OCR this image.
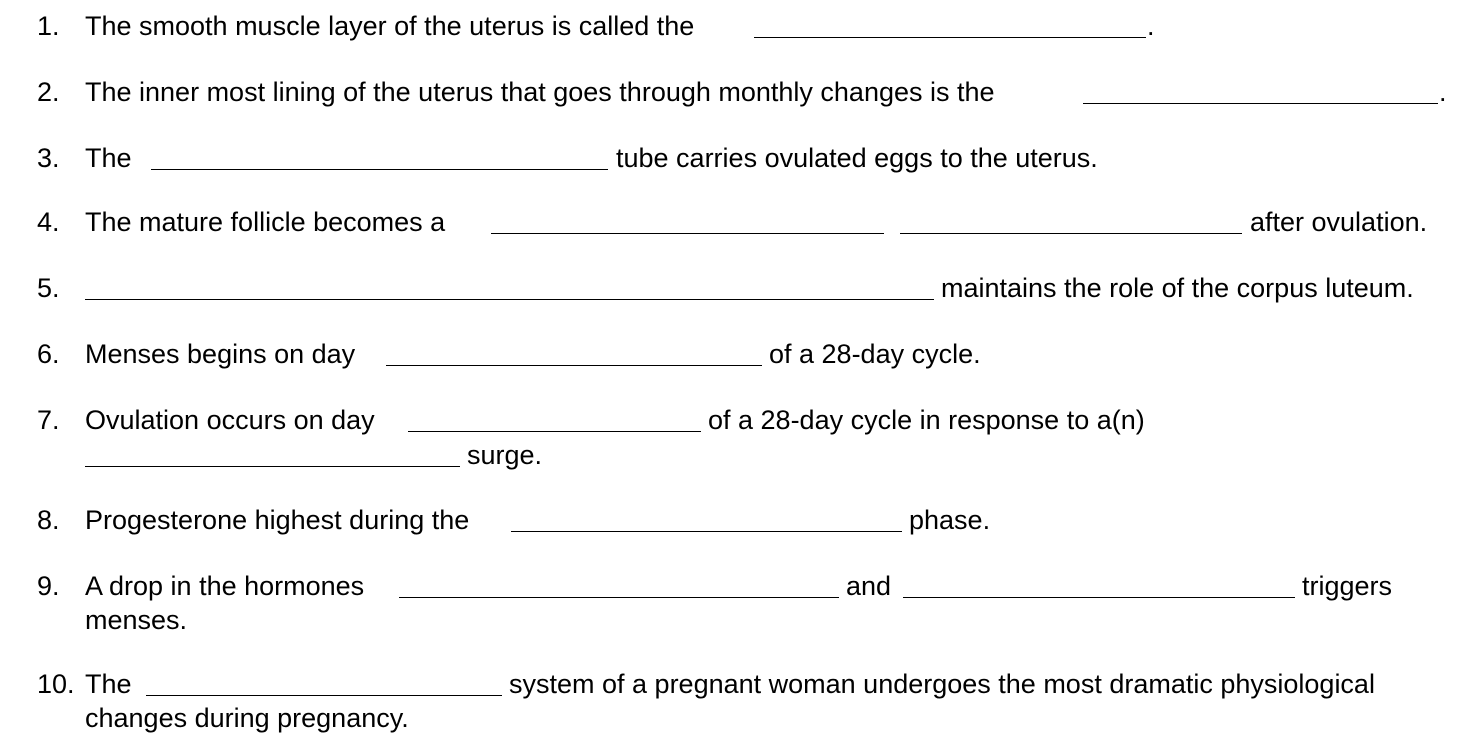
1. The smooth muscle layer of the uterus is called the	.
2. The inner most lining of the uterus that goes through monthly changes is the	.
3. The	tube carries ovulated eggs to the uterus.
4. The mature follicle becomes a	after ovulation.
5.	maintains the role of the corpus luteum.
6. Menses begins on day	of a 28-day cycle.
7. Ovulation occurs on day	of a 28-day cycle in response to a(n)
surge.
8. Progesterone highest during the	phase.
9. A drop in the hormones	and	triggers
menses.
10. The	system of a pregnant woman undergoes the most dramatic physiological
changes during pregnancy.
